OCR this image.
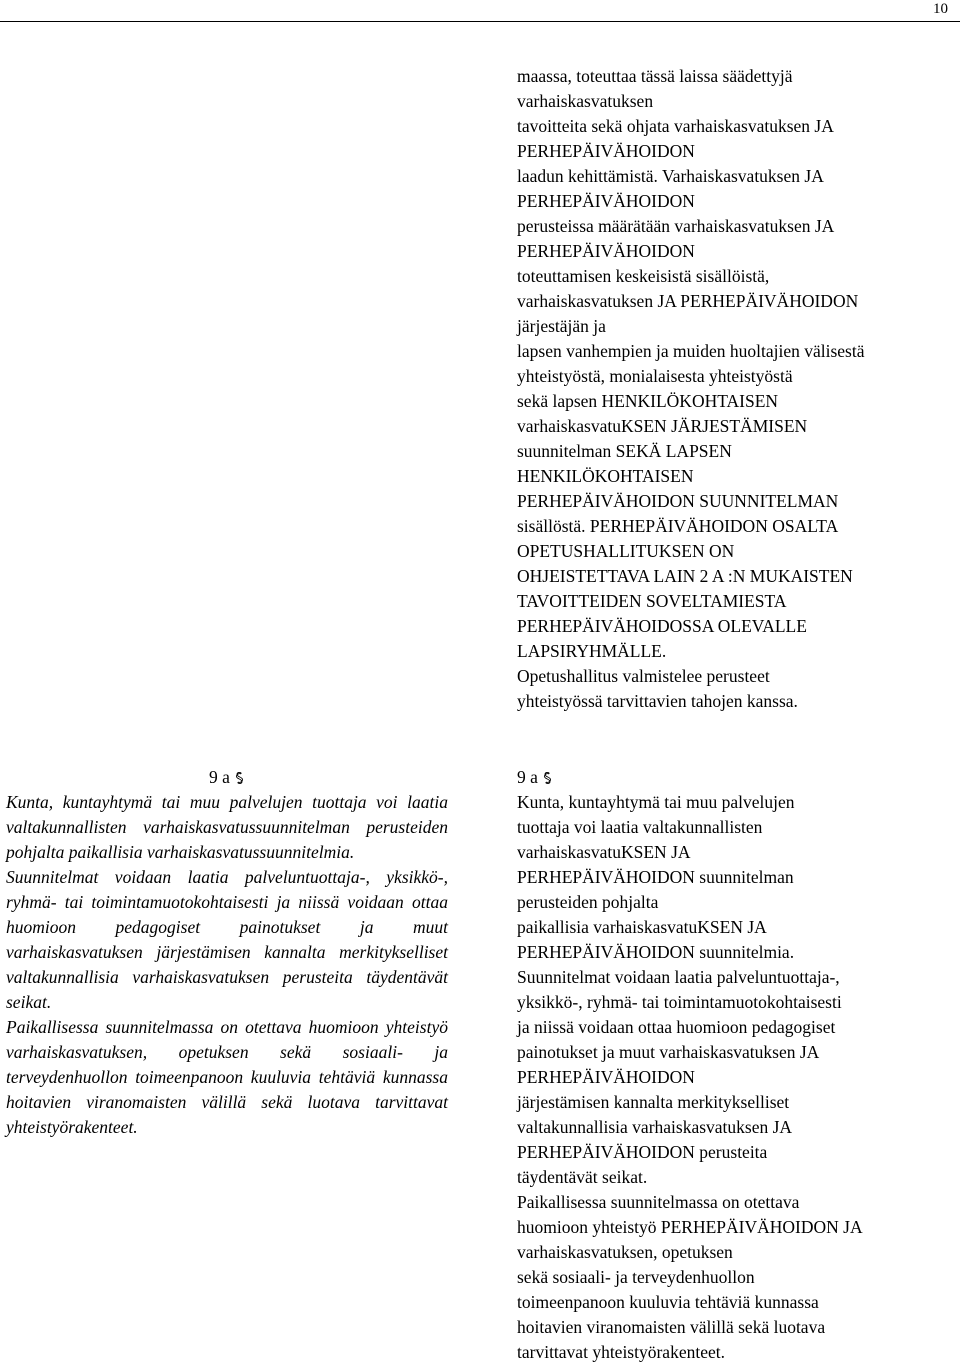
10
maassa, toteuttaa tässä laissa säädettyjä
varhaiskasvatuksen
tavoitteita sekä ohjata varhaiskasvatuksen JA
PERHEPÄIVÄHOIDON
laadun kehittämistä. Varhaiskasvatuksen JA
PERHEPÄIVÄHOIDON
perusteissa määrätään varhaiskasvatuksen JA
PERHEPÄIVÄHOIDON
toteuttamisen keskeisistä sisällöistä,
varhaiskasvatuksen JA PERHEPÄIVÄHOIDON
järjestäjän ja
lapsen vanhempien ja muiden huoltajien välisestä
yhteistyöstä, monialaisesta yhteistyöstä
sekä lapsen HENKILÖKOHTAISEN
varhaiskasvatuKSEN JÄRJESTÄMISEN
suunnitelman SEKÄ LAPSEN
HENKILÖKOHTAISEN
PERHEPÄIVÄHOIDON SUUNNITELMAN
sisällöstä. PERHEPÄIVÄHOIDON OSALTA
OPETUSHALLITUKSEN ON
OHJEISTETTAVA LAIN 2 A :N MUKAISTEN
TAVOITTEIDEN SOVELTAMIESTA
PERHEPÄIVÄHOIDOSSA OLEVALLE
LAPSIRYHMÄLLE.
Opetushallitus valmistelee perusteet
yhteistyössä tarvittavien tahojen kanssa.
9 a
Kunta, kuntayhtymä tai muu palvelujen tuottaja voi laatia valtakunnallisten varhaiskasvatussuunnitelman perusteiden pohjalta paikallisia varhaiskasvatussuunnitelmia.
Suunnitelmat voidaan laatia palveluntuottaja-, yksikkö-, ryhmä- tai toimintamuotokohtaisesti ja niissä voidaan ottaa huomioon pedagogiset painotukset ja muut varhaiskasvatuksen järjestämisen kannalta merkitykselliset valtakunnallisia varhaiskasvatuksen perusteita täydentävät seikat.
Paikallisessa suunnitelmassa on otettava huomioon yhteistyö varhaiskasvatuksen, opetuksen sekä sosiaali- ja terveydenhuollon toimeenpanoon kuuluvia tehtäviä kunnassa hoitavien viranomaisten välillä sekä luotava tarvittavat yhteistyörakenteet.
9 a
Kunta, kuntayhtymä tai muu palvelujen
tuottaja voi laatia valtakunnallisten
varhaiskasvatuKSEN JA
PERHEPÄIVÄHOIDON suunnitelman
perusteiden pohjalta
paikallisia varhaiskasvatuKSEN JA
PERHEPÄIVÄHOIDON suunnitelmia.
Suunnitelmat voidaan laatia palveluntuottaja-,
yksikkö-, ryhmä- tai toimintamuotokohtaisesti
ja niissä voidaan ottaa huomioon pedagogiset
painotukset ja muut varhaiskasvatuksen JA
PERHEPÄIVÄHOIDON
järjestämisen kannalta merkitykselliset
valtakunnallisia varhaiskasvatuksen JA
PERHEPÄIVÄHOIDON perusteita
täydentävät seikat.
Paikallisessa suunnitelmassa on otettava
huomioon yhteistyö PERHEPÄIVÄHOIDON JA
varhaiskasvatuksen, opetuksen
sekä sosiaali- ja terveydenhuollon
toimeenpanoon kuuluvia tehtäviä kunnassa
hoitavien viranomaisten välillä sekä luotava
tarvittavat yhteistyörakenteet.
